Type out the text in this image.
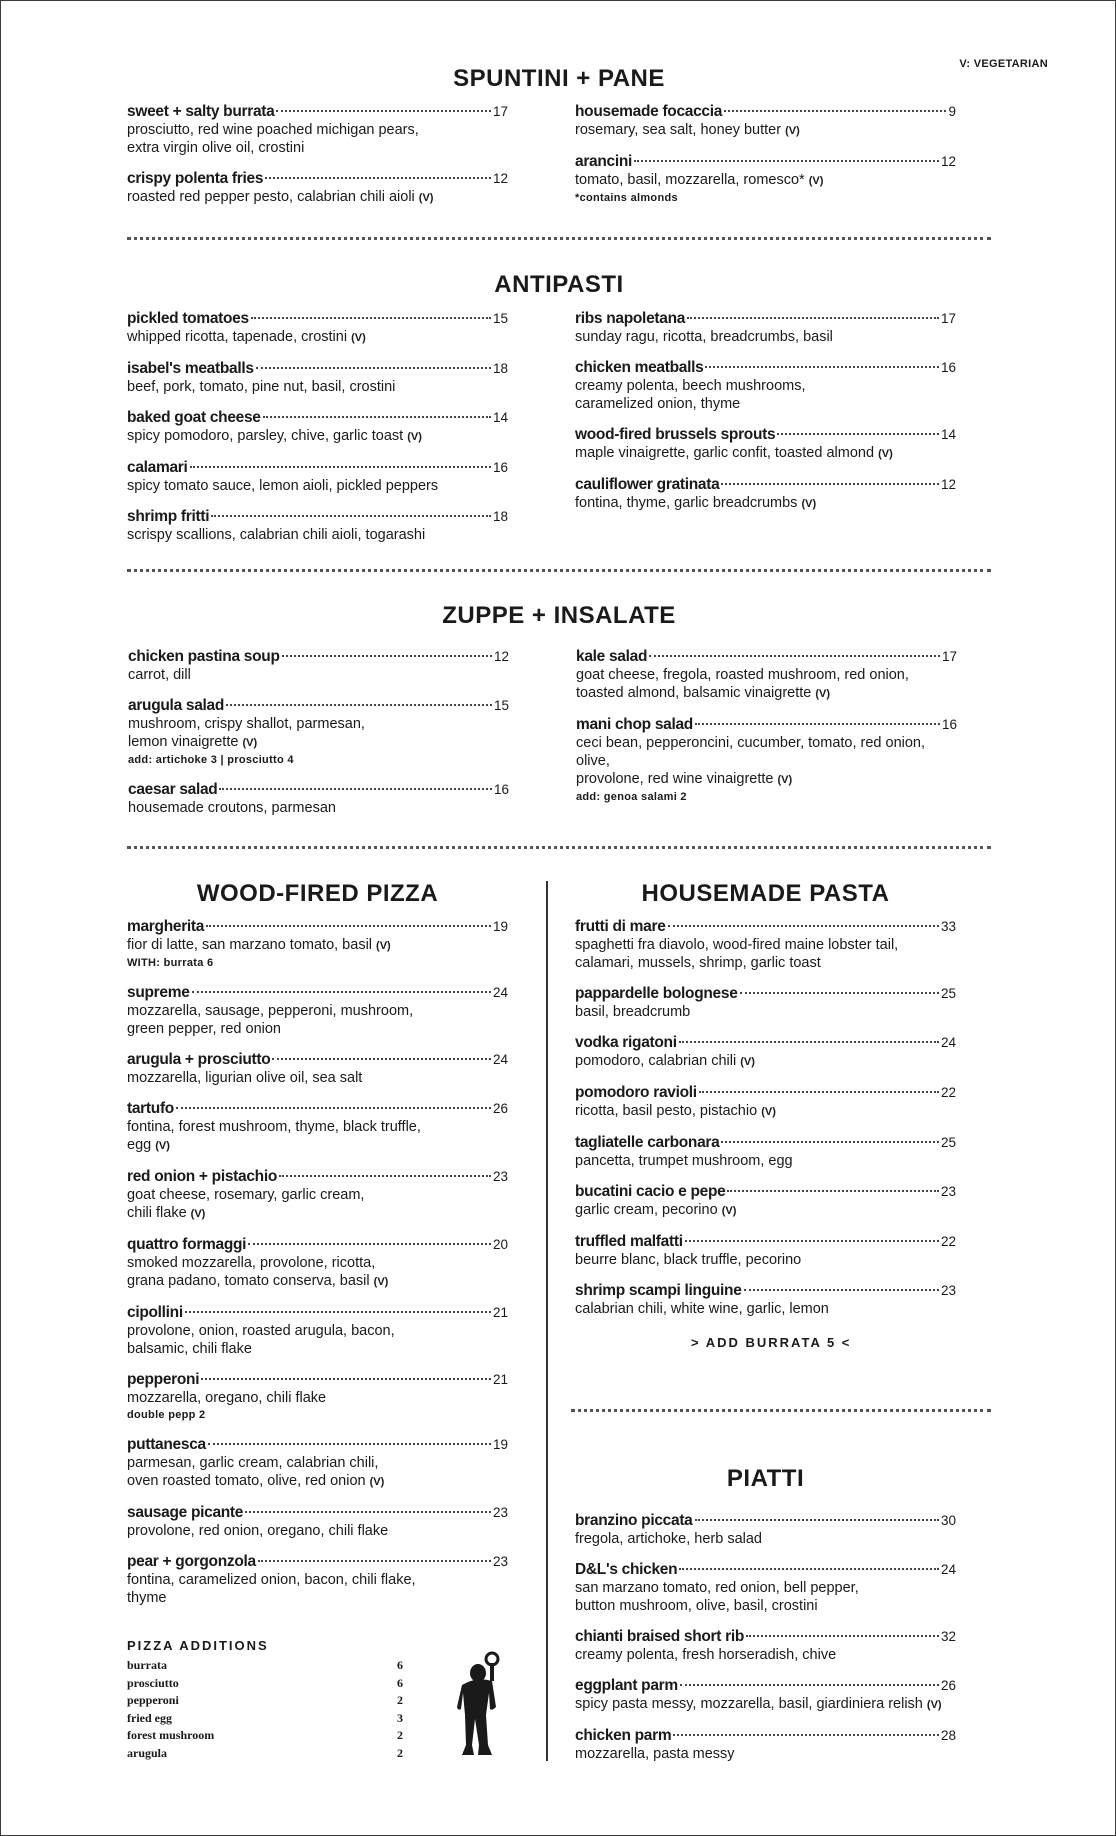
V: VEGETARIAN
SPUNTINI + PANE
sweet + salty burrata	17
prosciutto, red wine poached michigan pears,
extra virgin olive oil, crostini
crispy polenta fries	12
roasted red pepper pesto, calabrian chili aioli (V)
housemade focaccia	9
rosemary, sea salt, honey butter (V)
arancini	12
tomato, basil, mozzarella, romesco* (V)
*contains almonds
ANTIPASTI
pickled tomatoes	15
whipped ricotta, tapenade, crostini (V)
isabel's meatballs	18
beef, pork, tomato, pine nut, basil, crostini
baked goat cheese	14
spicy pomodoro, parsley, chive, garlic toast (V)
calamari	16
spicy tomato sauce, lemon aioli, pickled peppers
shrimp fritti	18
scrispy scallions, calabrian chili aioli, togarashi
ribs napoletana	17
sunday ragu, ricotta, breadcrumbs, basil
chicken meatballs	16
creamy polenta, beech mushrooms,
caramelized onion, thyme
wood-fired brussels sprouts	14
maple vinaigrette, garlic confit, toasted almond (V)
cauliflower gratinata	12
fontina, thyme, garlic breadcrumbs (V)
ZUPPE + INSALATE
chicken pastina soup	12
carrot, dill
arugula salad	15
mushroom, crispy shallot, parmesan,
lemon vinaigrette (V)
add: artichoke 3 | prosciutto 4
caesar salad	16
housemade croutons, parmesan
kale salad	17
goat cheese, fregola, roasted mushroom, red onion,
toasted almond, balsamic vinaigrette (V)
mani chop salad	16
ceci bean, pepperoncini, cucumber, tomato, red onion, olive,
provolone, red wine vinaigrette (V)
add: genoa salami 2
WOOD-FIRED PIZZA
margherita	19
fior di latte, san marzano tomato, basil (V)
WITH: burrata 6
supreme	24
mozzarella, sausage, pepperoni, mushroom,
green pepper, red onion
arugula + prosciutto	24
mozzarella, ligurian olive oil, sea salt
tartufo	26
fontina, forest mushroom, thyme, black truffle,
egg (V)
red onion + pistachio	23
goat cheese, rosemary, garlic cream,
chili flake (V)
quattro formaggi	20
smoked mozzarella, provolone, ricotta,
grana padano, tomato conserva, basil (V)
cipollini	21
provolone, onion, roasted arugula, bacon,
balsamic, chili flake
pepperoni	21
mozzarella, oregano, chili flake
double pepp 2
puttanesca	19
parmesan, garlic cream, calabrian chili,
oven roasted tomato, olive, red onion (V)
sausage picante	23
provolone, red onion, oregano, chili flake
pear + gorgonzola	23
fontina, caramelized onion, bacon, chili flake,
thyme
HOUSEMADE PASTA
frutti di mare	33
spaghetti fra diavolo, wood-fired maine lobster tail,
calamari, mussels, shrimp, garlic toast
pappardelle bolognese	25
basil, breadcrumb
vodka rigatoni	24
pomodoro, calabrian chili (V)
pomodoro ravioli	22
ricotta, basil pesto, pistachio (V)
tagliatelle carbonara	25
pancetta, trumpet mushroom, egg
bucatini cacio e pepe	23
garlic cream, pecorino (V)
truffled malfatti	22
beurre blanc, black truffle, pecorino
shrimp scampi linguine	23
calabrian chili, white wine, garlic, lemon
> ADD BURRATA 5 <
PIATTI
branzino piccata	30
fregola, artichoke, herb salad
D&L's chicken	24
san marzano tomato, red onion, bell pepper,
button mushroom, olive, basil, crostini
chianti braised short rib	32
creamy polenta, fresh horseradish, chive
eggplant parm	26
spicy pasta messy, mozzarella, basil, giardiniera relish (V)
chicken parm	28
mozzarella, pasta messy
PIZZA ADDITIONS
burrata	6
prosciutto	6
pepperoni	2
fried egg	3
forest mushroom	2
arugula	2
